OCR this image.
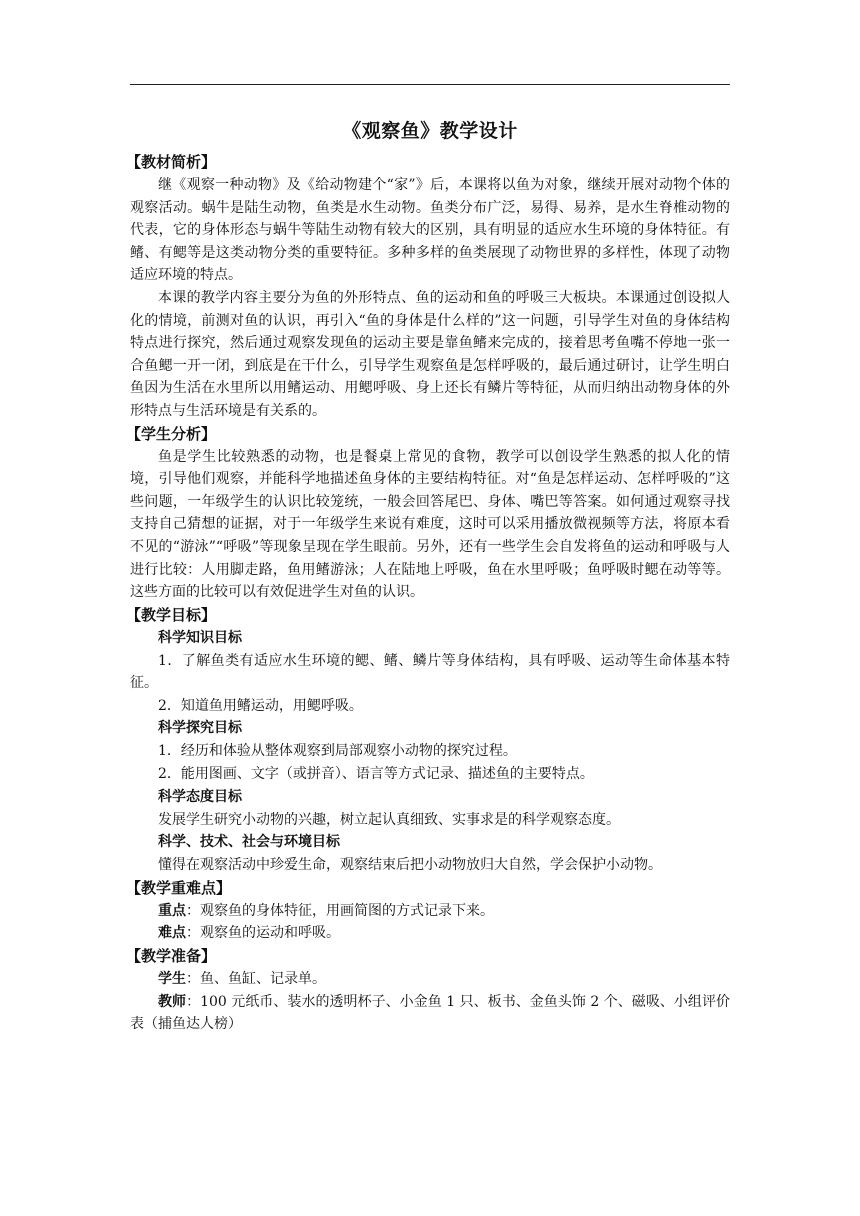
《观察鱼》教学设计
【教材简析】

继《观察一种动物》及《给动物建个“家”》后，本课将以鱼为对象，继续开展对动物个体的观察活动。蜗牛是陆生动物，鱼类是水生动物。鱼类分布广泛，易得、易养，是水生脊椎动物的代表，它的身体形态与蜗牛等陆生动物有较大的区别，具有明显的适应水生环境的身体特征。有鳍、有鳃等是这类动物分类的重要特征。多种多样的鱼类展现了动物世界的多样性，体现了动物适应环境的特点。

本课的教学内容主要分为鱼的外形特点、鱼的运动和鱼的呼吸三大板块。本课通过创设拟人化的情境，前测对鱼的认识，再引入“鱼的身体是什么样的”这一问题，引导学生对鱼的身体结构特点进行探究，然后通过观察发现鱼的运动主要是靠鱼鳍来完成的，接着思考鱼嘴不停地一张一合鱼鳃一开一闭，到底是在干什么，引导学生观察鱼是怎样呼吸的，最后通过研讨，让学生明白鱼因为生活在水里所以用鳍运动、用鳃呼吸、身上还长有鳞片等特征，从而归纳出动物身体的外形特点与生活环境是有关系的。

【学生分析】

鱼是学生比较熟悉的动物，也是餐桌上常见的食物，教学可以创设学生熟悉的拟人化的情境，引导他们观察，并能科学地描述鱼身体的主要结构特征。对“鱼是怎样运动、怎样呼吸的”这些问题，一年级学生的认识比较笼统，一般会回答尾巴、身体、嘴巴等答案。如何通过观察寻找支持自己猜想的证据，对于一年级学生来说有难度，这时可以采用播放微视频等方法，将原本看不见的“游泳”“呼吸”等现象呈现在学生眼前。另外，还有一些学生会自发将鱼的运动和呼吸与人进行比较：人用脚走路，鱼用鳍游泳；人在陆地上呼吸，鱼在水里呼吸；鱼呼吸时鳃在动等等。这些方面的比较可以有效促进学生对鱼的认识。

【教学目标】
科学知识目标

1．了解鱼类有适应水生环境的鳃、鳍、鳞片等身体结构，具有呼吸、运动等生命体基本特征。

2．知道鱼用鳍运动，用鳃呼吸。

科学探究目标

1．经历和体验从整体观察到局部观察小动物的探究过程。

2．能用图画、文字（或拼音）、语言等方式记录、描述鱼的主要特点。

科学态度目标

发展学生研究小动物的兴趣，树立起认真细致、实事求是的科学观察态度。

科学、技术、社会与环境目标

懂得在观察活动中珍爱生命，观察结束后把小动物放归大自然，学会保护小动物。

【教学重难点】

重点：观察鱼的身体特征，用画简图的方式记录下来。

难点：观察鱼的运动和呼吸。

【教学准备】

学生：鱼、鱼缸、记录单。

教师：100 元纸币、装水的透明杯子、小金鱼 1 只、板书、金鱼头饰 2 个、磁吸、小组评价表（捕鱼达人榜）
